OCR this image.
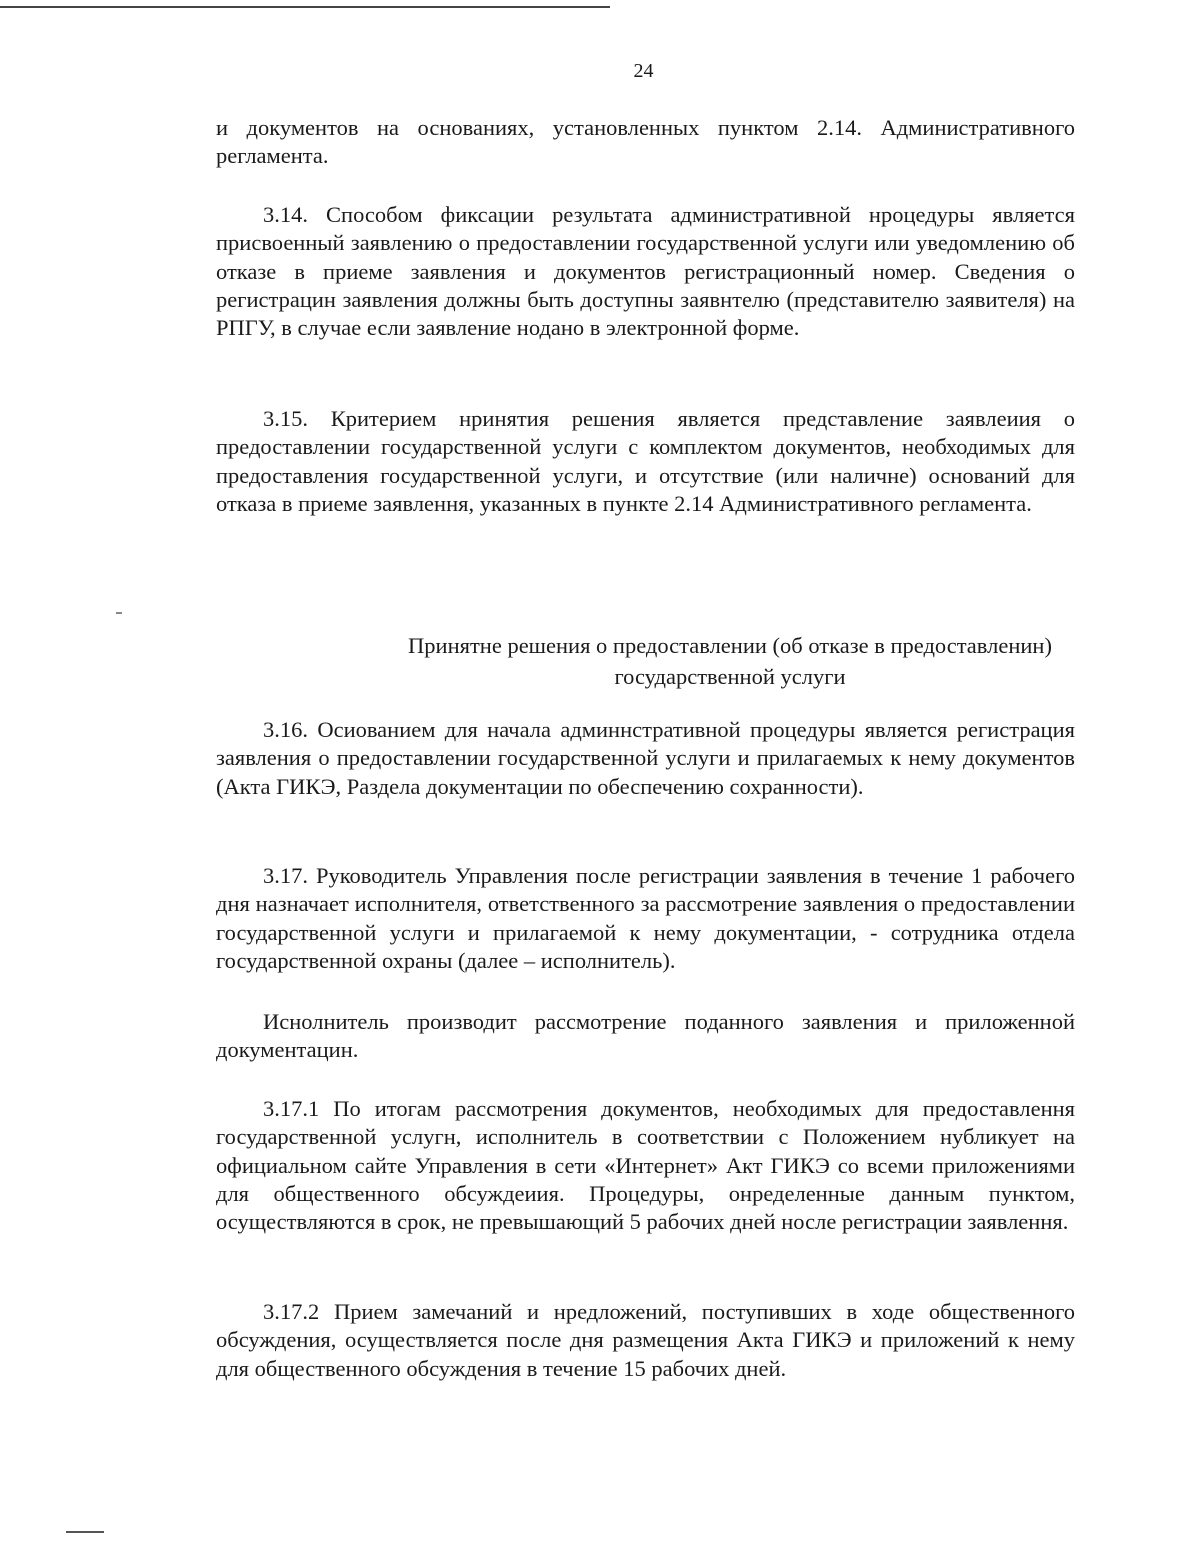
24

и документов на основаниях, установленных пунктом 2.14. Административного регламента.

3.14. Способом фиксации результата административной нроцедуры является присвоенный заявлению о предоставлении государственной услуги или уведомлению об отказе в приеме заявления и документов регистрационный номер. Сведения о регистрацин заявления должны быть доступны заявнтелю (представителю заявителя) на РПГУ, в случае если заявление нодано в электронной форме.

3.15. Критерием нринятия решения является представление заявлеиия о предоставлении государственной услуги с комплектом документов, необходимых для предоставления государственной услуги, и отсутствие (или наличне) оснований для отказа в приеме заявлення, указанных в пункте 2.14 Административного регламента.

Принятне решения о предоставлении (об отказе в предоставленин)
государственной услуги

3.16. Осиованием для начала админнстративной процедуры является регистрация заявления о предоставлении государственной услуги и прилагаемых к нему документов (Акта ГИКЭ, Раздела документации по обеспечению сохранности).

3.17. Руководитель Управления после регистрации заявления в течение 1 рабочего дня назначает исполнителя, ответственного за рассмотрение заявления о предоставлении государственной услуги и прилагаемой к нему документации, - сотрудника отдела государственной охраны (далее – исполнитель).

Иснолнитель производит рассмотрение поданного заявления и приложенной документацин.

3.17.1 По итогам рассмотрения документов, необходимых для предоставлення государственной услугн, исполнитель в соответствии с Положением нубликует на официальном сайте Управления в сети «Интернет» Акт ГИКЭ со всеми приложениями для общественного обсуждеиия. Процедуры, онределенные данным пунктом, осуществляются в срок, не превышающий 5 рабочих дней носле регистрации заявлення.

3.17.2 Прием замечаний и нредложений, поступивших в ходе общественного обсуждения, осуществляется после дня размещения Акта ГИКЭ и приложений к нему для общественного обсуждения в течение 15 рабочих дней.
